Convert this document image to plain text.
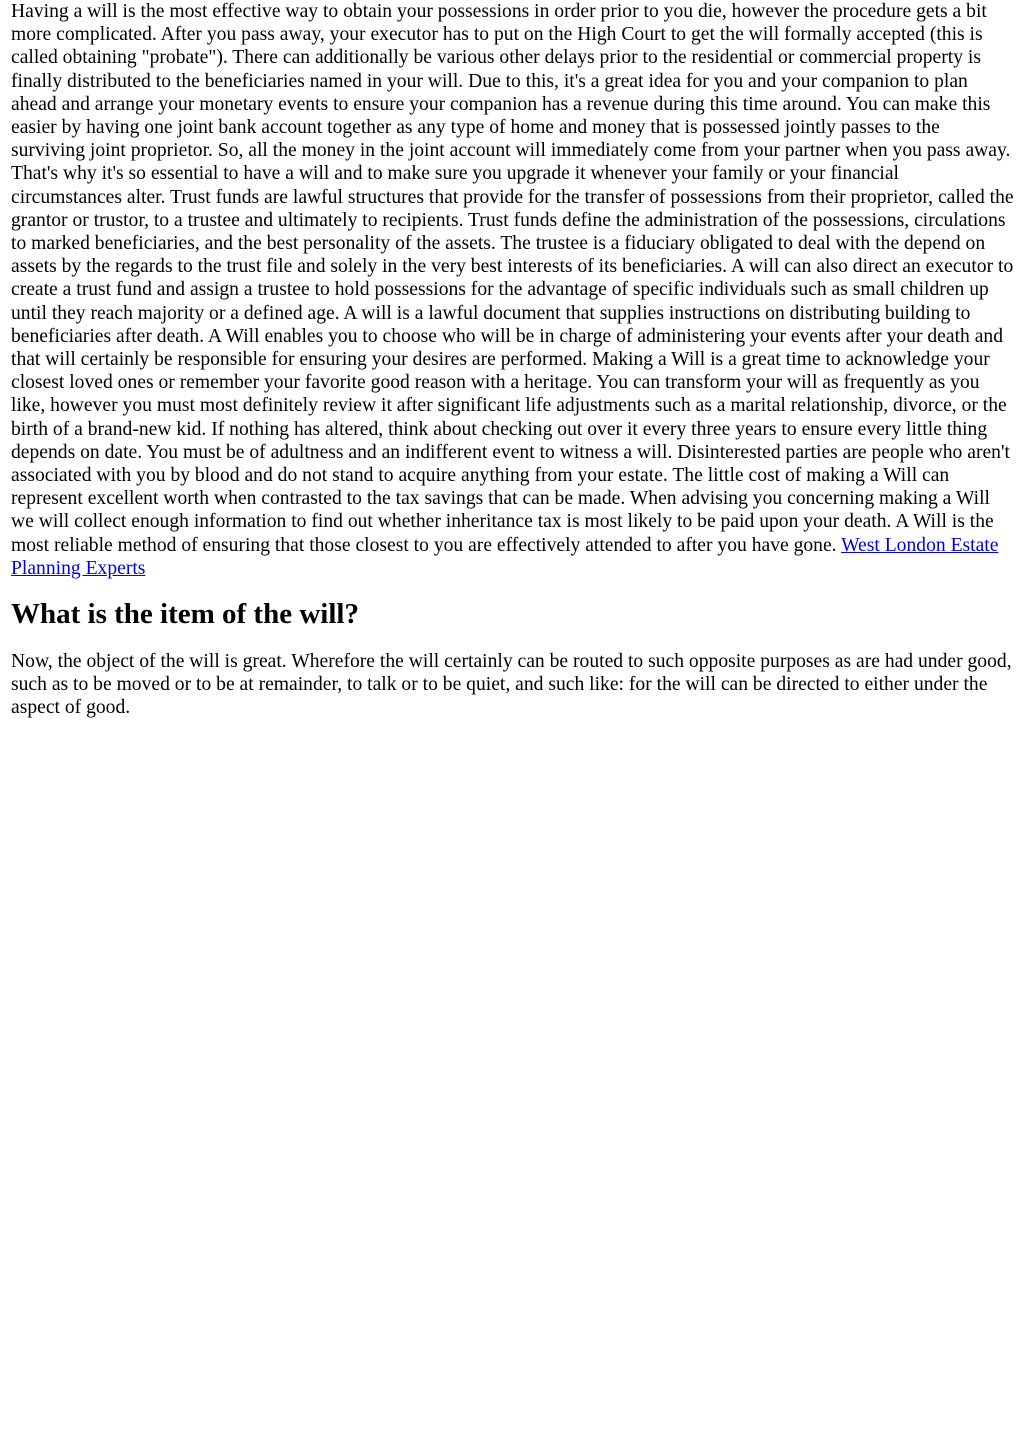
Having a will is the most effective way to obtain your possessions in order prior to you die, however the procedure gets a bit more complicated. After you pass away, your executor has to put on the High Court to get the will formally accepted (this is called obtaining "probate"). There can additionally be various other delays prior to the residential or commercial property is finally distributed to the beneficiaries named in your will. Due to this, it's a great idea for you and your companion to plan ahead and arrange your monetary events to ensure your companion has a revenue during this time around. You can make this easier by having one joint bank account together as any type of home and money that is possessed jointly passes to the surviving joint proprietor. So, all the money in the joint account will immediately come from your partner when you pass away. That's why it's so essential to have a will and to make sure you upgrade it whenever your family or your financial circumstances alter. Trust funds are lawful structures that provide for the transfer of possessions from their proprietor, called the grantor or trustor, to a trustee and ultimately to recipients. Trust funds define the administration of the possessions, circulations to marked beneficiaries, and the best personality of the assets. The trustee is a fiduciary obligated to deal with the depend on assets by the regards to the trust file and solely in the very best interests of its beneficiaries. A will can also direct an executor to create a trust fund and assign a trustee to hold possessions for the advantage of specific individuals such as small children up until they reach majority or a defined age. A will is a lawful document that supplies instructions on distributing building to beneficiaries after death. A Will enables you to choose who will be in charge of administering your events after your death and that will certainly be responsible for ensuring your desires are performed. Making a Will is a great time to acknowledge your closest loved ones or remember your favorite good reason with a heritage. You can transform your will as frequently as you like, however you must most definitely review it after significant life adjustments such as a marital relationship, divorce, or the birth of a brand-new kid. If nothing has altered, think about checking out over it every three years to ensure every little thing depends on date. You must be of adultness and an indifferent event to witness a will. Disinterested parties are people who aren't associated with you by blood and do not stand to acquire anything from your estate. The little cost of making a Will can represent excellent worth when contrasted to the tax savings that can be made. When advising you concerning making a Will we will collect enough information to find out whether inheritance tax is most likely to be paid upon your death. A Will is the most reliable method of ensuring that those closest to you are effectively attended to after you have gone. West London Estate Planning Experts

What is the item of the will?

Now, the object of the will is great. Wherefore the will certainly can be routed to such opposite purposes as are had under good, such as to be moved or to be at remainder, to talk or to be quiet, and such like: for the will can be directed to either under the aspect of good.
